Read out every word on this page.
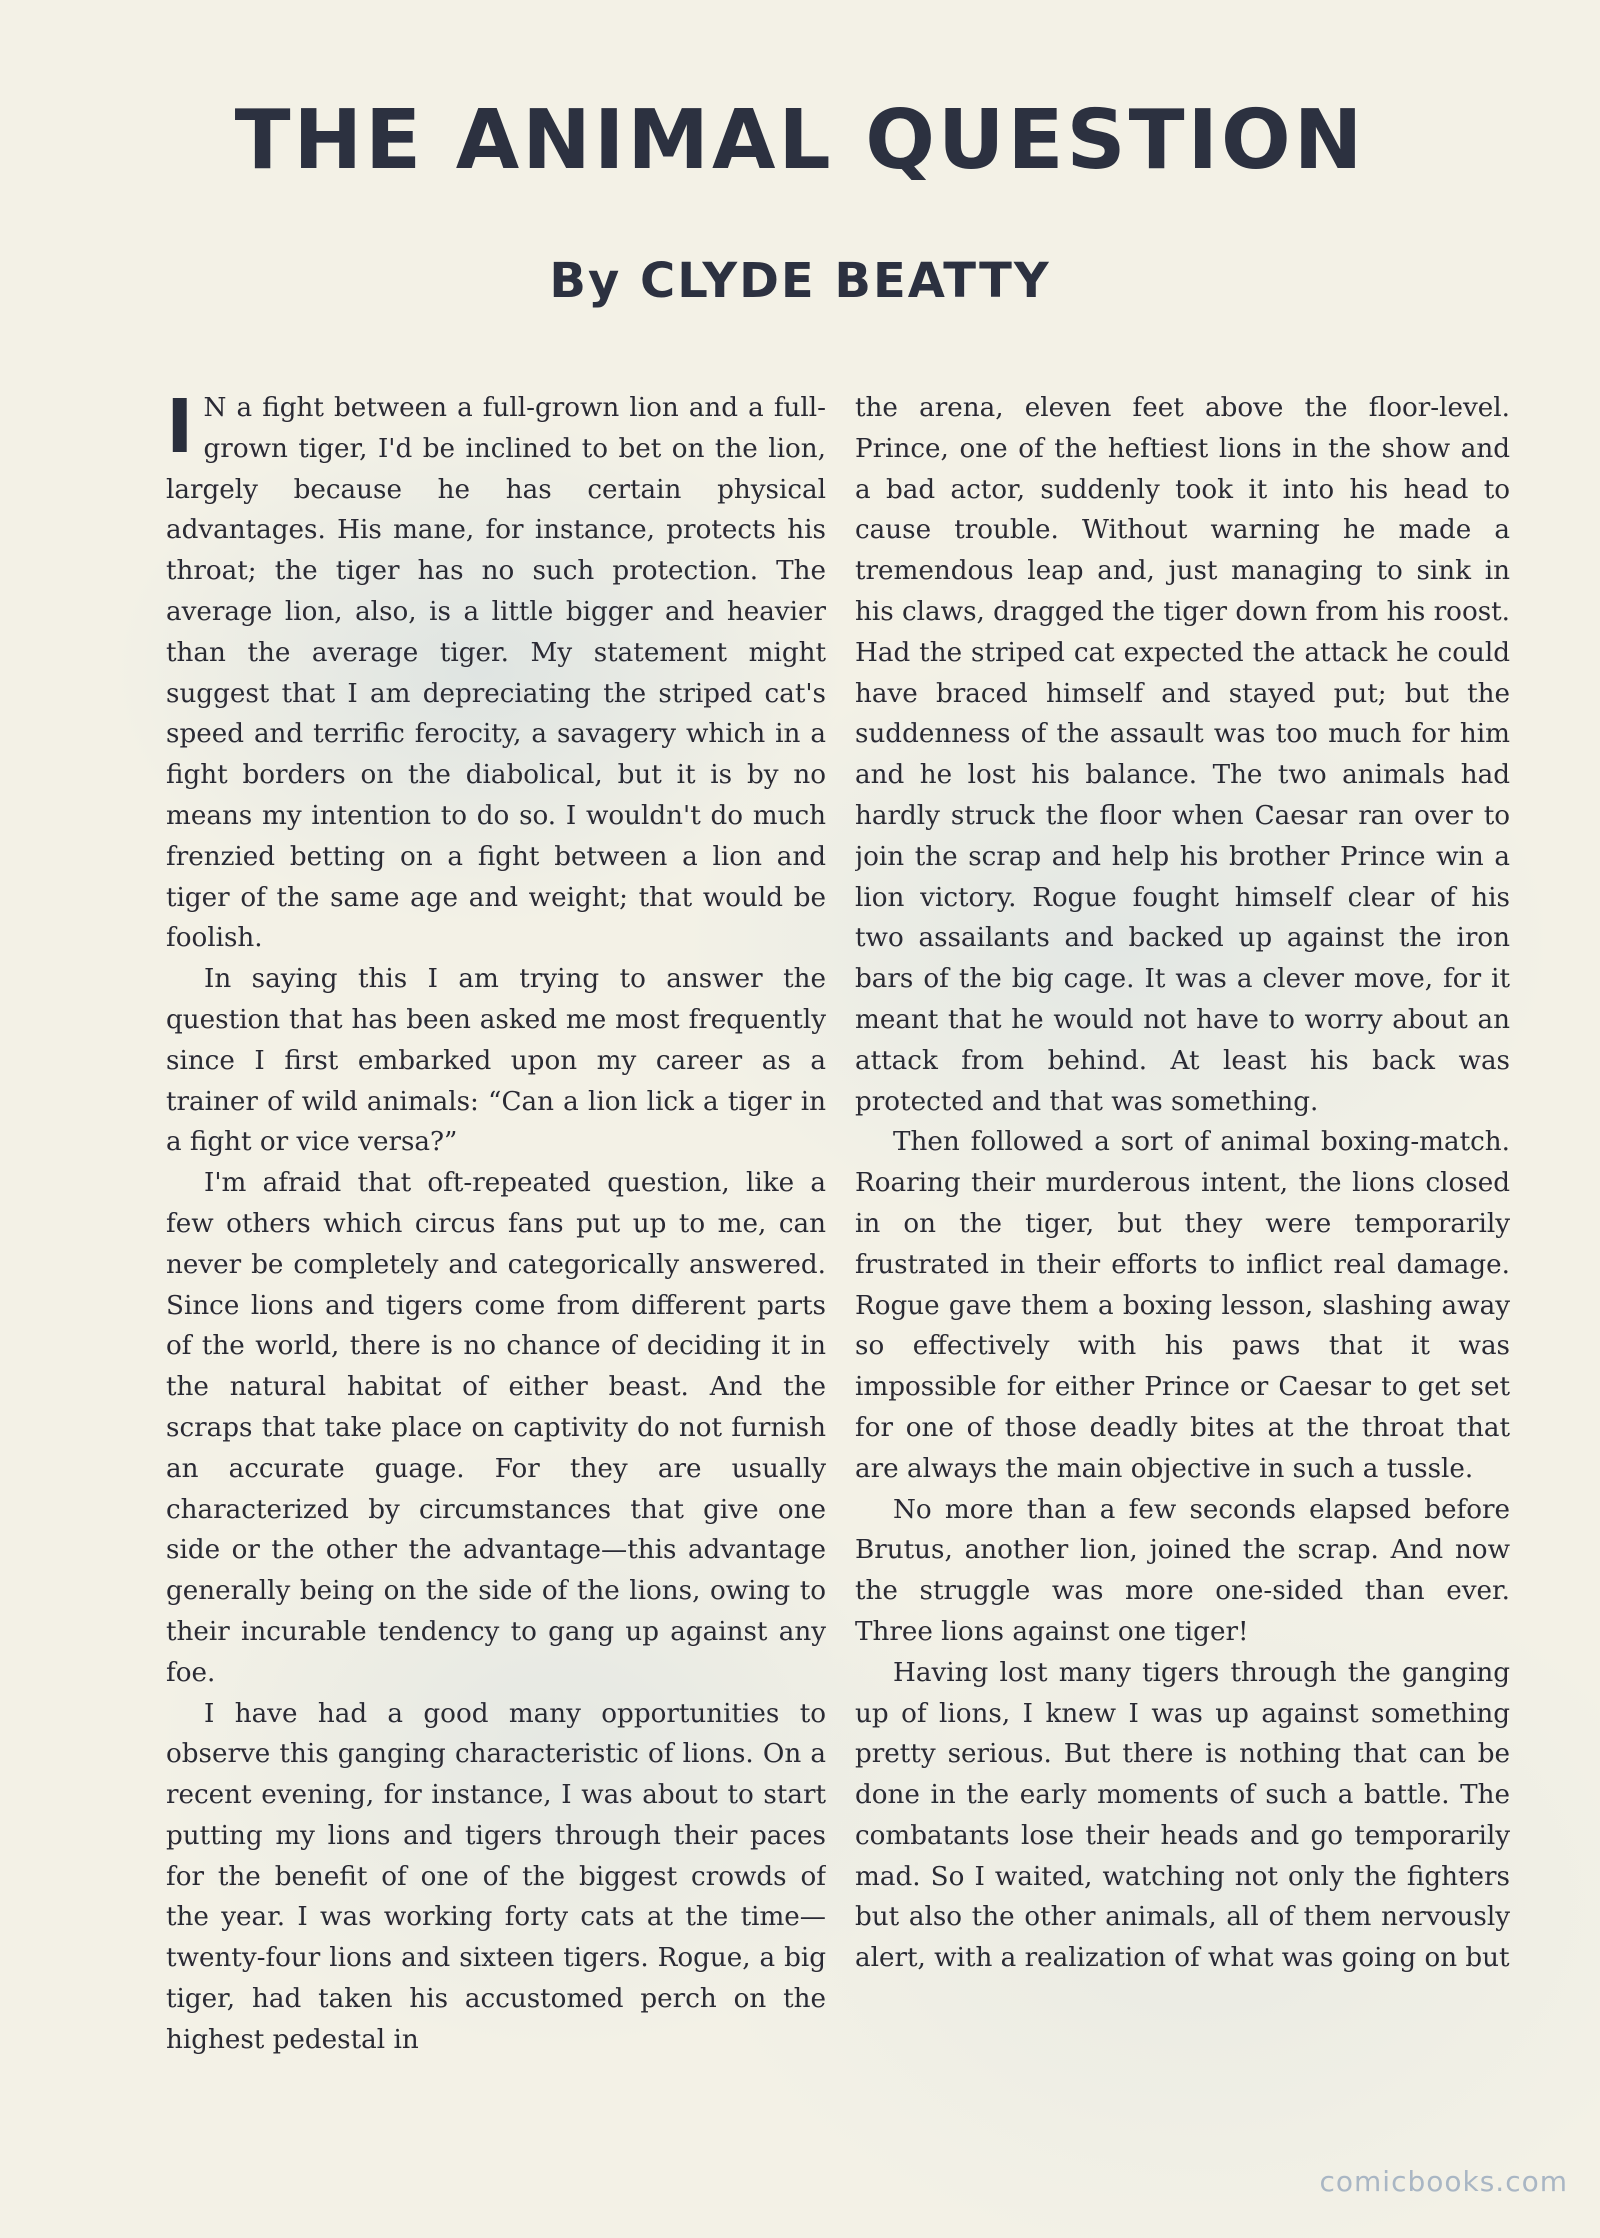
THE ANIMAL QUESTION
By CLYDE BEATTY

I N a fight between a full-grown lion and a full-grown tiger, I'd be inclined to bet on the lion, largely because he has certain physical advantages. His mane, for instance, protects his throat; the tiger has no such protection. The average lion, also, is a little bigger and heavier than the average tiger. My statement might suggest that I am depreciating the striped cat's speed and terrific ferocity, a savagery which in a fight borders on the diabolical, but it is by no means my intention to do so. I wouldn't do much frenzied betting on a fight between a lion and tiger of the same age and weight; that would be foolish.

In saying this I am trying to answer the question that has been asked me most frequently since I first embarked upon my career as a trainer of wild animals: “Can a lion lick a tiger in a fight or vice versa?”

I'm afraid that oft-repeated question, like a few others which circus fans put up to me, can never be completely and categorically answered. Since lions and tigers come from different parts of the world, there is no chance of deciding it in the natural habitat of either beast. And the scraps that take place on captivity do not furnish an accurate guage. For they are usually characterized by circumstances that give one side or the other the advantage—this advantage generally being on the side of the lions, owing to their incurable tendency to gang up against any foe.

I have had a good many opportunities to observe this ganging characteristic of lions. On a recent evening, for instance, I was about to start putting my lions and tigers through their paces for the benefit of one of the biggest crowds of the year. I was working forty cats at the time—twenty-four lions and sixteen tigers. Rogue, a big tiger, had taken his accustomed perch on the highest pedestal in

the arena, eleven feet above the floor-level. Prince, one of the heftiest lions in the show and a bad actor, suddenly took it into his head to cause trouble. Without warning he made a tremendous leap and, just managing to sink in his claws, dragged the tiger down from his roost. Had the striped cat expected the attack he could have braced himself and stayed put; but the suddenness of the assault was too much for him and he lost his balance. The two animals had hardly struck the floor when Caesar ran over to join the scrap and help his brother Prince win a lion victory. Rogue fought himself clear of his two assailants and backed up against the iron bars of the big cage. It was a clever move, for it meant that he would not have to worry about an attack from behind. At least his back was protected and that was something.

Then followed a sort of animal boxing-match. Roaring their murderous intent, the lions closed in on the tiger, but they were temporarily frustrated in their efforts to inflict real damage. Rogue gave them a boxing lesson, slashing away so effectively with his paws that it was impossible for either Prince or Caesar to get set for one of those deadly bites at the throat that are always the main objective in such a tussle.

No more than a few seconds elapsed before Brutus, another lion, joined the scrap. And now the struggle was more one-sided than ever. Three lions against one tiger!

Having lost many tigers through the ganging up of lions, I knew I was up against something pretty serious. But there is nothing that can be done in the early moments of such a battle. The combatants lose their heads and go temporarily mad. So I waited, watching not only the fighters but also the other animals, all of them nervously alert, with a realization of what was going on but

comicbooks.com
